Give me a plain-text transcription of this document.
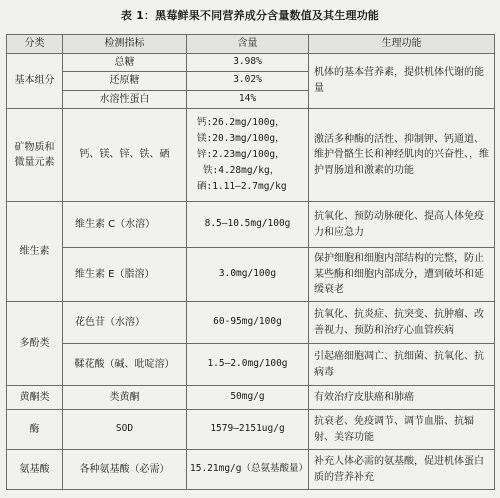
表 1：黑莓鲜果不同营养成分含量数值及其生理功能
分类	检测指标	含量	生理功能
基本组分	总糖	3.98%	机体的基本营养素，提供机体代谢的能量
	还原糖	3.02%	
	水溶性蛋白	14%	
矿物质和微量元素	钙、镁、锌、铁、硒	钙:26.2mg/100g，
镁:20.3mg/100g，
锌:2.23mg/100g，
铁:4.28mg/kg，
硒:1.11—2.7mg/kg	激活多种酶的活性、抑制钾、钙通道、维护骨骼生长和神经肌肉的兴奋性、，维护胃肠道和激素的功能
维生素	维生素 C（水溶）	8.5—10.5mg/100g	抗氧化、预防动脉硬化、提高人体免疫力和应急力
	维生素 E（脂溶）	3.0mg/100g	保护细胞和细胞内部结构的完整，防止某些酶和细胞内部成分，遭到破坏和延缓衰老
多酚类	花色苷（水溶）	60-95mg/100g	抗氧化、抗炎症、抗突变、抗肿瘤、改善视力、预防和治疗心血管疾病
	鞣花酸（碱、吡啶溶）	1.5—2.0mg/100g	引起癌细胞凋亡、抗细菌、抗氧化、抗病毒
黄酮类	类黄酮	50mg/g	有效治疗皮肤癌和肺癌
酶	SOD	1579—2151ug/g	抗衰老、免疫调节、调节血脂、抗辐射、美容功能
氨基酸	各种氨基酸（必需）	15.21mg/g（总氨基酸量）	补充人体必需的氨基酸，促进机体蛋白质的营养补充
